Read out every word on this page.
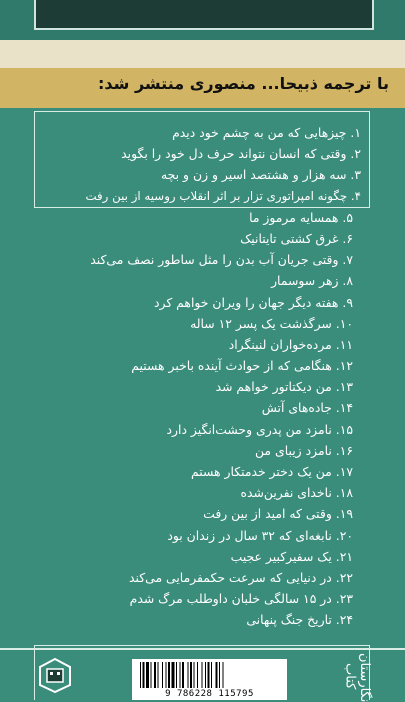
با ترجمه ذبیحا... منصوری منتشر شد:
۱. چیزهایی که من به چشم خود دیدم
۲. وقتی که انسان نتواند حرف دل خود را بگوید
۳. سه هزار و هشتصد اسیر و زن و بچه
۴. چگونه امپراتوری تزار بر اثر انقلاب روسیه از بین رفت
۵. همسایه مرموز ما
۶. غرق کشتی تایتانیک
۷. وقتی جریان آب بدن را مثل ساطور نصف می‌کند
۸. زهر سوسمار
۹. هفته دیگر جهان را ویران خواهم کرد
۱۰. سرگذشت یک پسر ۱۲ ساله
۱۱. مرده‌خواران لنینگراد
۱۲. هنگامی که از حوادث آینده باخبر هستیم
۱۳. من دیکتاتور خواهم شد
۱۴. جاده‌های آتش
۱۵. نامزد من پدری وحشت‌انگیز دارد
۱۶. نامزد زیبای من
۱۷. من یک دختر خدمتکار هستم
۱۸. ناخدای نفرین‌شده
۱۹. وقتی که امید از بین رفت
۲۰. نابغه‌ای که ۳۲ سال در زندان بود
۲۱. یک سفیرکبیر عجیب
۲۲. در دنیایی که سرعت حکمفرمایی می‌کند
۲۳. در ۱۵ سالگی خلبان داوطلب مرگ شدم
۲۴. تاریخ جنگ پنهانی
9 786228 115795	نگارستان کتاب
